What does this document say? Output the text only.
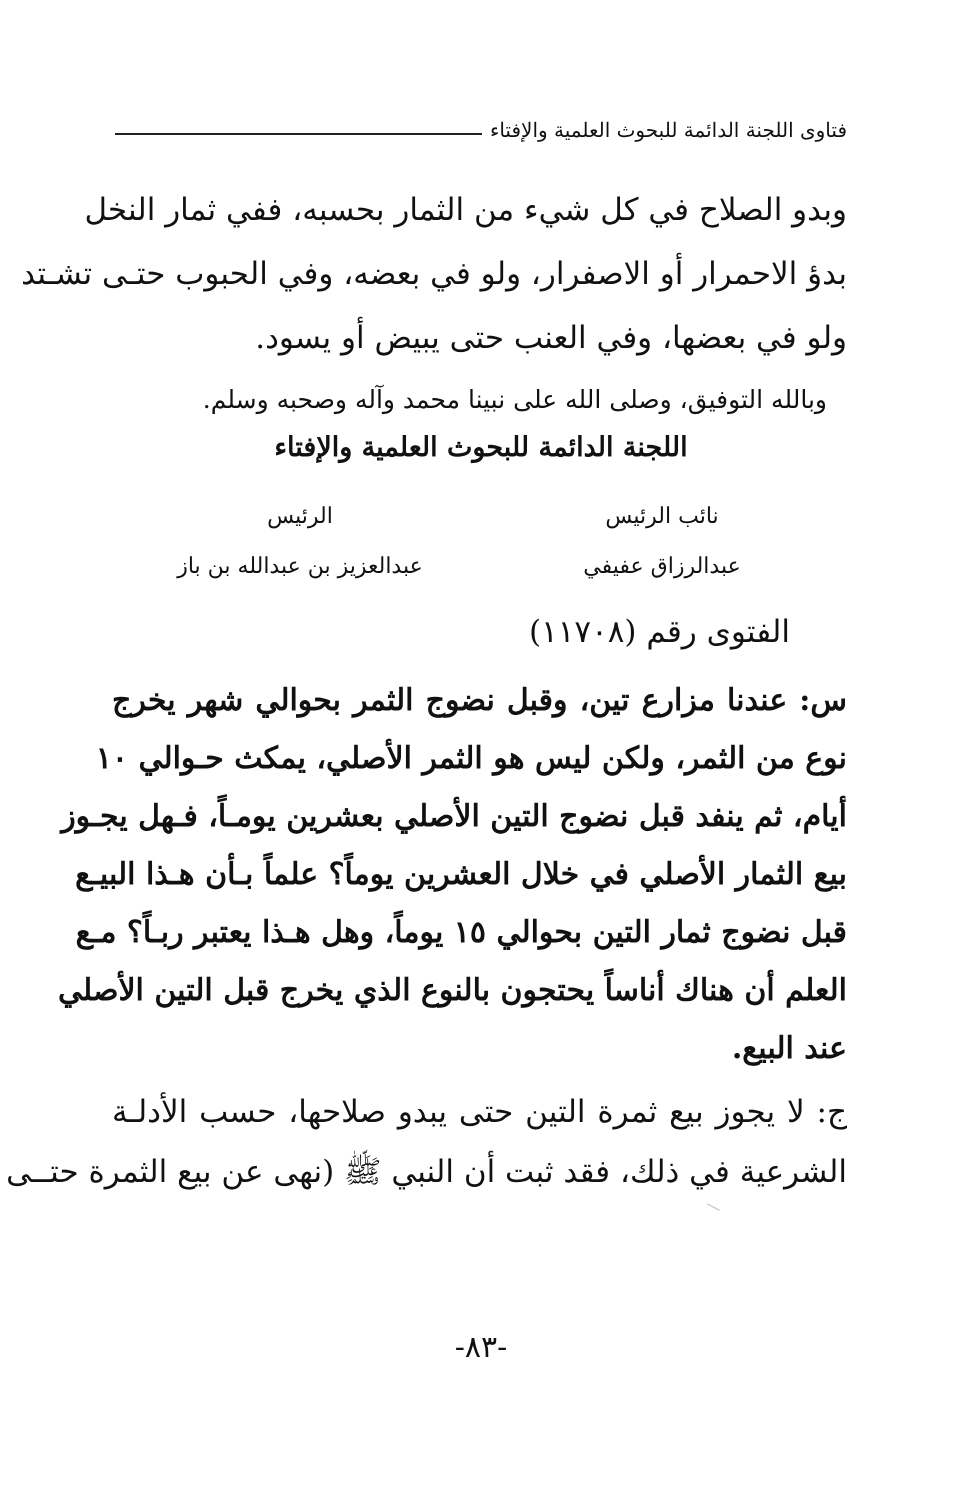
فتاوى اللجنة الدائمة للبحوث العلمية والإفتاء
وبدو الصلاح في كل شيء من الثمار بحسبه، ففي ثمار النخل
بدؤ الاحمرار أو الاصفرار، ولو في بعضه، وفي الحبوب حتـى تشـتد
ولو في بعضها، وفي العنب حتى يبيض أو يسود.
وبالله التوفيق، وصلى الله على نبينا محمد وآله وصحبه وسلم.
اللجنة الدائمة للبحوث العلمية والإفتاء
نائب الرئيس
عبدالرزاق عفيفي
الرئيس
عبدالعزيز بن عبدالله بن باز
الفتوى رقم (١١٧٠٨)
س: عندنا مزارع تين، وقبل نضوج الثمر بحوالي شهر يخرج
نوع من الثمر، ولكن ليس هو الثمر الأصلي، يمكث حـوالي ١٠
أيام، ثم ينفد قبل نضوج التين الأصلي بعشرين يومـاً، فـهل يجـوز
بيع الثمار الأصلي في خلال العشرين يوماً؟ علماً بـأن هـذا البيـع
قبل نضوج ثمار التين بحوالي ١٥ يوماً، وهل هـذا يعتبر ربـاً؟ مـع
العلم أن هناك أناساً يحتجون بالنوع الذي يخرج قبل التين الأصلي
عند البيع.
ج: لا يجوز بيع ثمرة التين حتى يبدو صلاحها، حسب الأدلـة
الشرعية في ذلك، فقد ثبت أن النبي ﷺ (نهى عن بيع الثمرة حتــى
-٨٣-
